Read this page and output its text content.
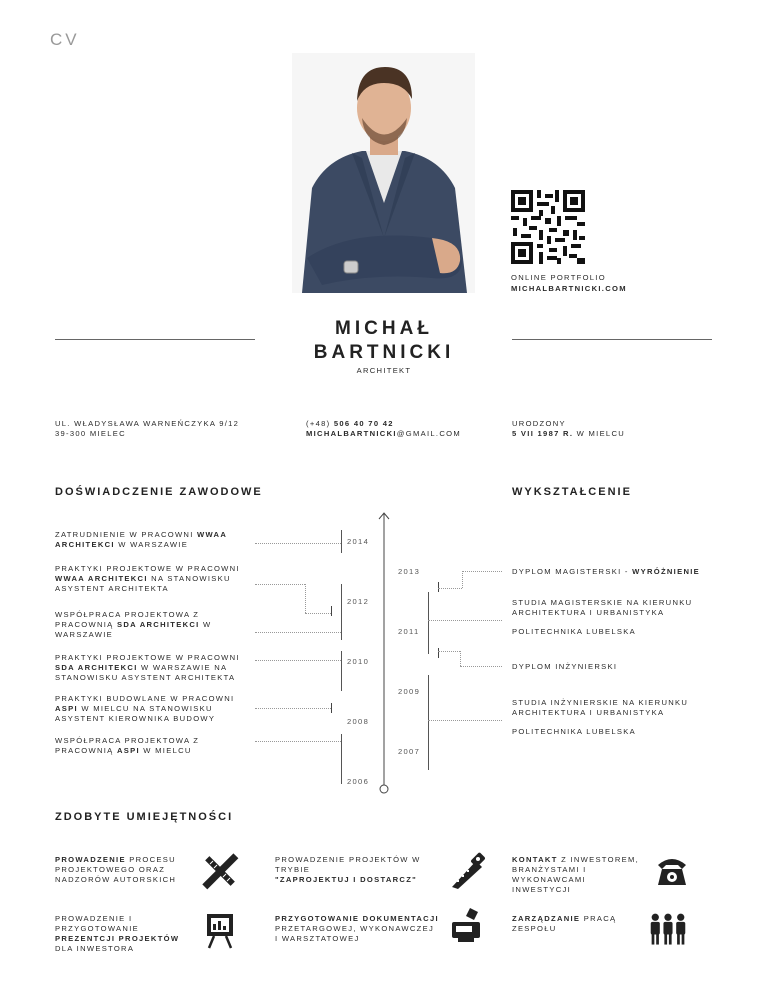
CV
ONLINE PORTFOLIO
MICHALBARTNICKI.COM
MICHAŁ
BARTNICKI
ARCHITEKT
UL. WŁADYSŁAWA WARNEŃCZYKA 9/12
39-300 MIELEC
(+48) 506 40 70 42
MICHALBARTNICKI@GMAIL.COM
URODZONY
5 VII 1987 R. W MIELCU
DOŚWIADCZENIE ZAWODOWE	WYKSZTAŁCENIE
2014
2013
2012
2011
2010
2009
2008
2007
2006
ZATRUDNIENIE W PRACOWNI WWAA
ARCHITEKCI W WARSZAWIE
PRAKTYKI PROJEKTOWE W PRACOWNI
WWAA ARCHITEKCI NA STANOWISKU
ASYSTENT ARCHITEKTA
WSPÓŁPRACA PROJEKTOWA Z
PRACOWNIĄ SDA ARCHITEKCI W
WARSZAWIE
PRAKTYKI PROJEKTOWE W PRACOWNI
SDA ARCHITEKCI W WARSZAWIE NA
STANOWISKU ASYSTENT ARCHITEKTA
PRAKTYKI BUDOWLANE W PRACOWNI
ASPI W MIELCU NA STANOWISKU
ASYSTENT KIEROWNIKA BUDOWY
WSPÓŁPRACA PROJEKTOWA Z
PRACOWNIĄ ASPI W MIELCU
DYPLOM MAGISTERSKI - WYRÓŻNIENIE
STUDIA MAGISTERSKIE NA KIERUNKU
ARCHITEKTURA I URBANISTYKA
POLITECHNIKA LUBELSKA
DYPLOM INŻYNIERSKI
STUDIA INŻYNIERSKIE NA KIERUNKU
ARCHITEKTURA I URBANISTYKA
POLITECHNIKA LUBELSKA
ZDOBYTE UMIEJĘTNOŚCI
PROWADZENIE PROCESU
PROJEKTOWEGO ORAZ
NADZORÓW AUTORSKICH
PROWADZENIE PROJEKTÓW W
TRYBIE
"ZAPROJEKTUJ I DOSTARCZ"
KONTAKT Z INWESTOREM,
BRANŻYSTAMI I
WYKONAWCAMI
INWESTYCJI
PROWADZENIE I
PRZYGOTOWANIE
PREZENTCJI PROJEKTÓW
DLA INWESTORA
PRZYGOTOWANIE DOKUMENTACJI
PRZETARGOWEJ, WYKONAWCZEJ
I WARSZTATOWEJ
ZARZĄDZANIE PRACĄ
ZESPOŁU
